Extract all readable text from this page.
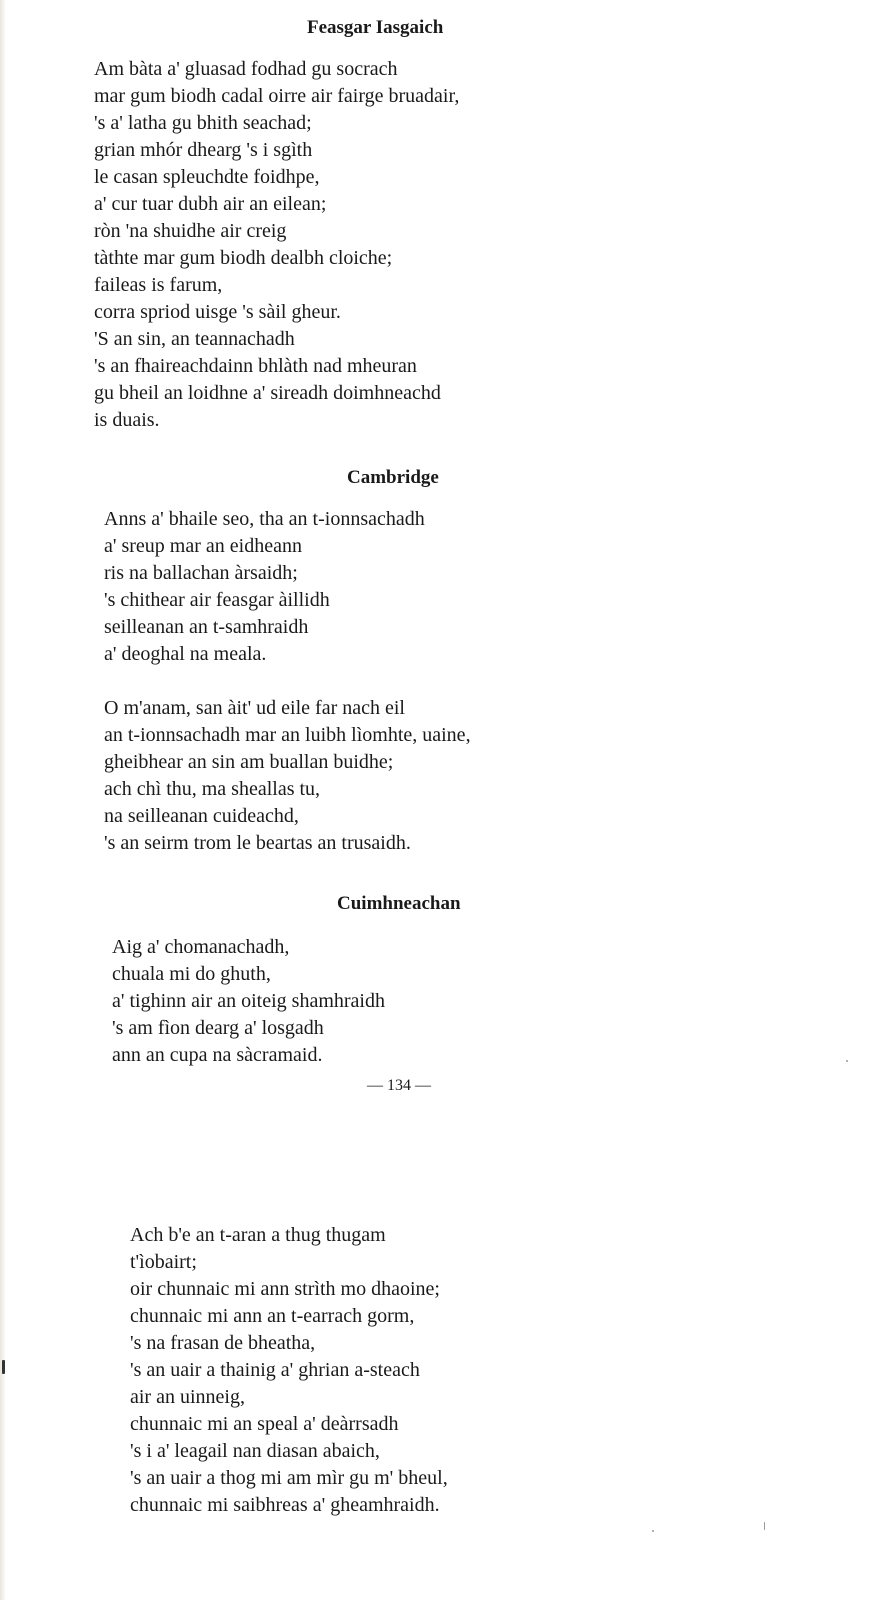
Feasgar Iasgaich
Am bàta a' gluasad fodhad gu socrach
mar gum biodh cadal oirre air fairge bruadair,
's a' latha gu bhith seachad;
grian mhór dhearg 's i sgìth
le casan spleuchdte foidhpe,
a' cur tuar dubh air an eilean;
ròn 'na shuidhe air creig
tàthte mar gum biodh dealbh cloiche;
faileas is farum,
corra spriod uisge 's sàil gheur.
'S an sin, an teannachadh
's an fhaireachdainn bhlàth nad mheuran
gu bheil an loidhne a' sireadh doimhneachd
is duais.
Cambridge
Anns a' bhaile seo, tha an t-ionnsachadh
a' sreup mar an eidheann
ris na ballachan àrsaidh;
's chithear air feasgar àillidh
seilleanan an t-samhraidh
a' deoghal na meala.
O m'anam, san àit' ud eile far nach eil
an t-ionnsachadh mar an luibh lìomhte, uaine,
gheibhear an sin am buallan buidhe;
ach chì thu, ma sheallas tu,
na seilleanan cuideachd,
's an seirm trom le beartas an trusaidh.
Cuimhneachan
Aig a' chomanachadh,
chuala mi do ghuth,
a' tighinn air an oiteig shamhraidh
's am fìon dearg a' losgadh
ann an cupa na sàcramaid.
— 134 —
Ach b'e an t-aran a thug thugam
t'ìobairt;
oir chunnaic mi ann strìth mo dhaoine;
chunnaic mi ann an t-earrach gorm,
's na frasan de bheatha,
's an uair a thainig a' ghrian a-steach
air an uinneig,
chunnaic mi an speal a' deàrrsadh
's i a' leagail nan diasan abaich,
's an uair a thog mi am mìr gu m' bheul,
chunnaic mi saibhreas a' gheamhraidh.
